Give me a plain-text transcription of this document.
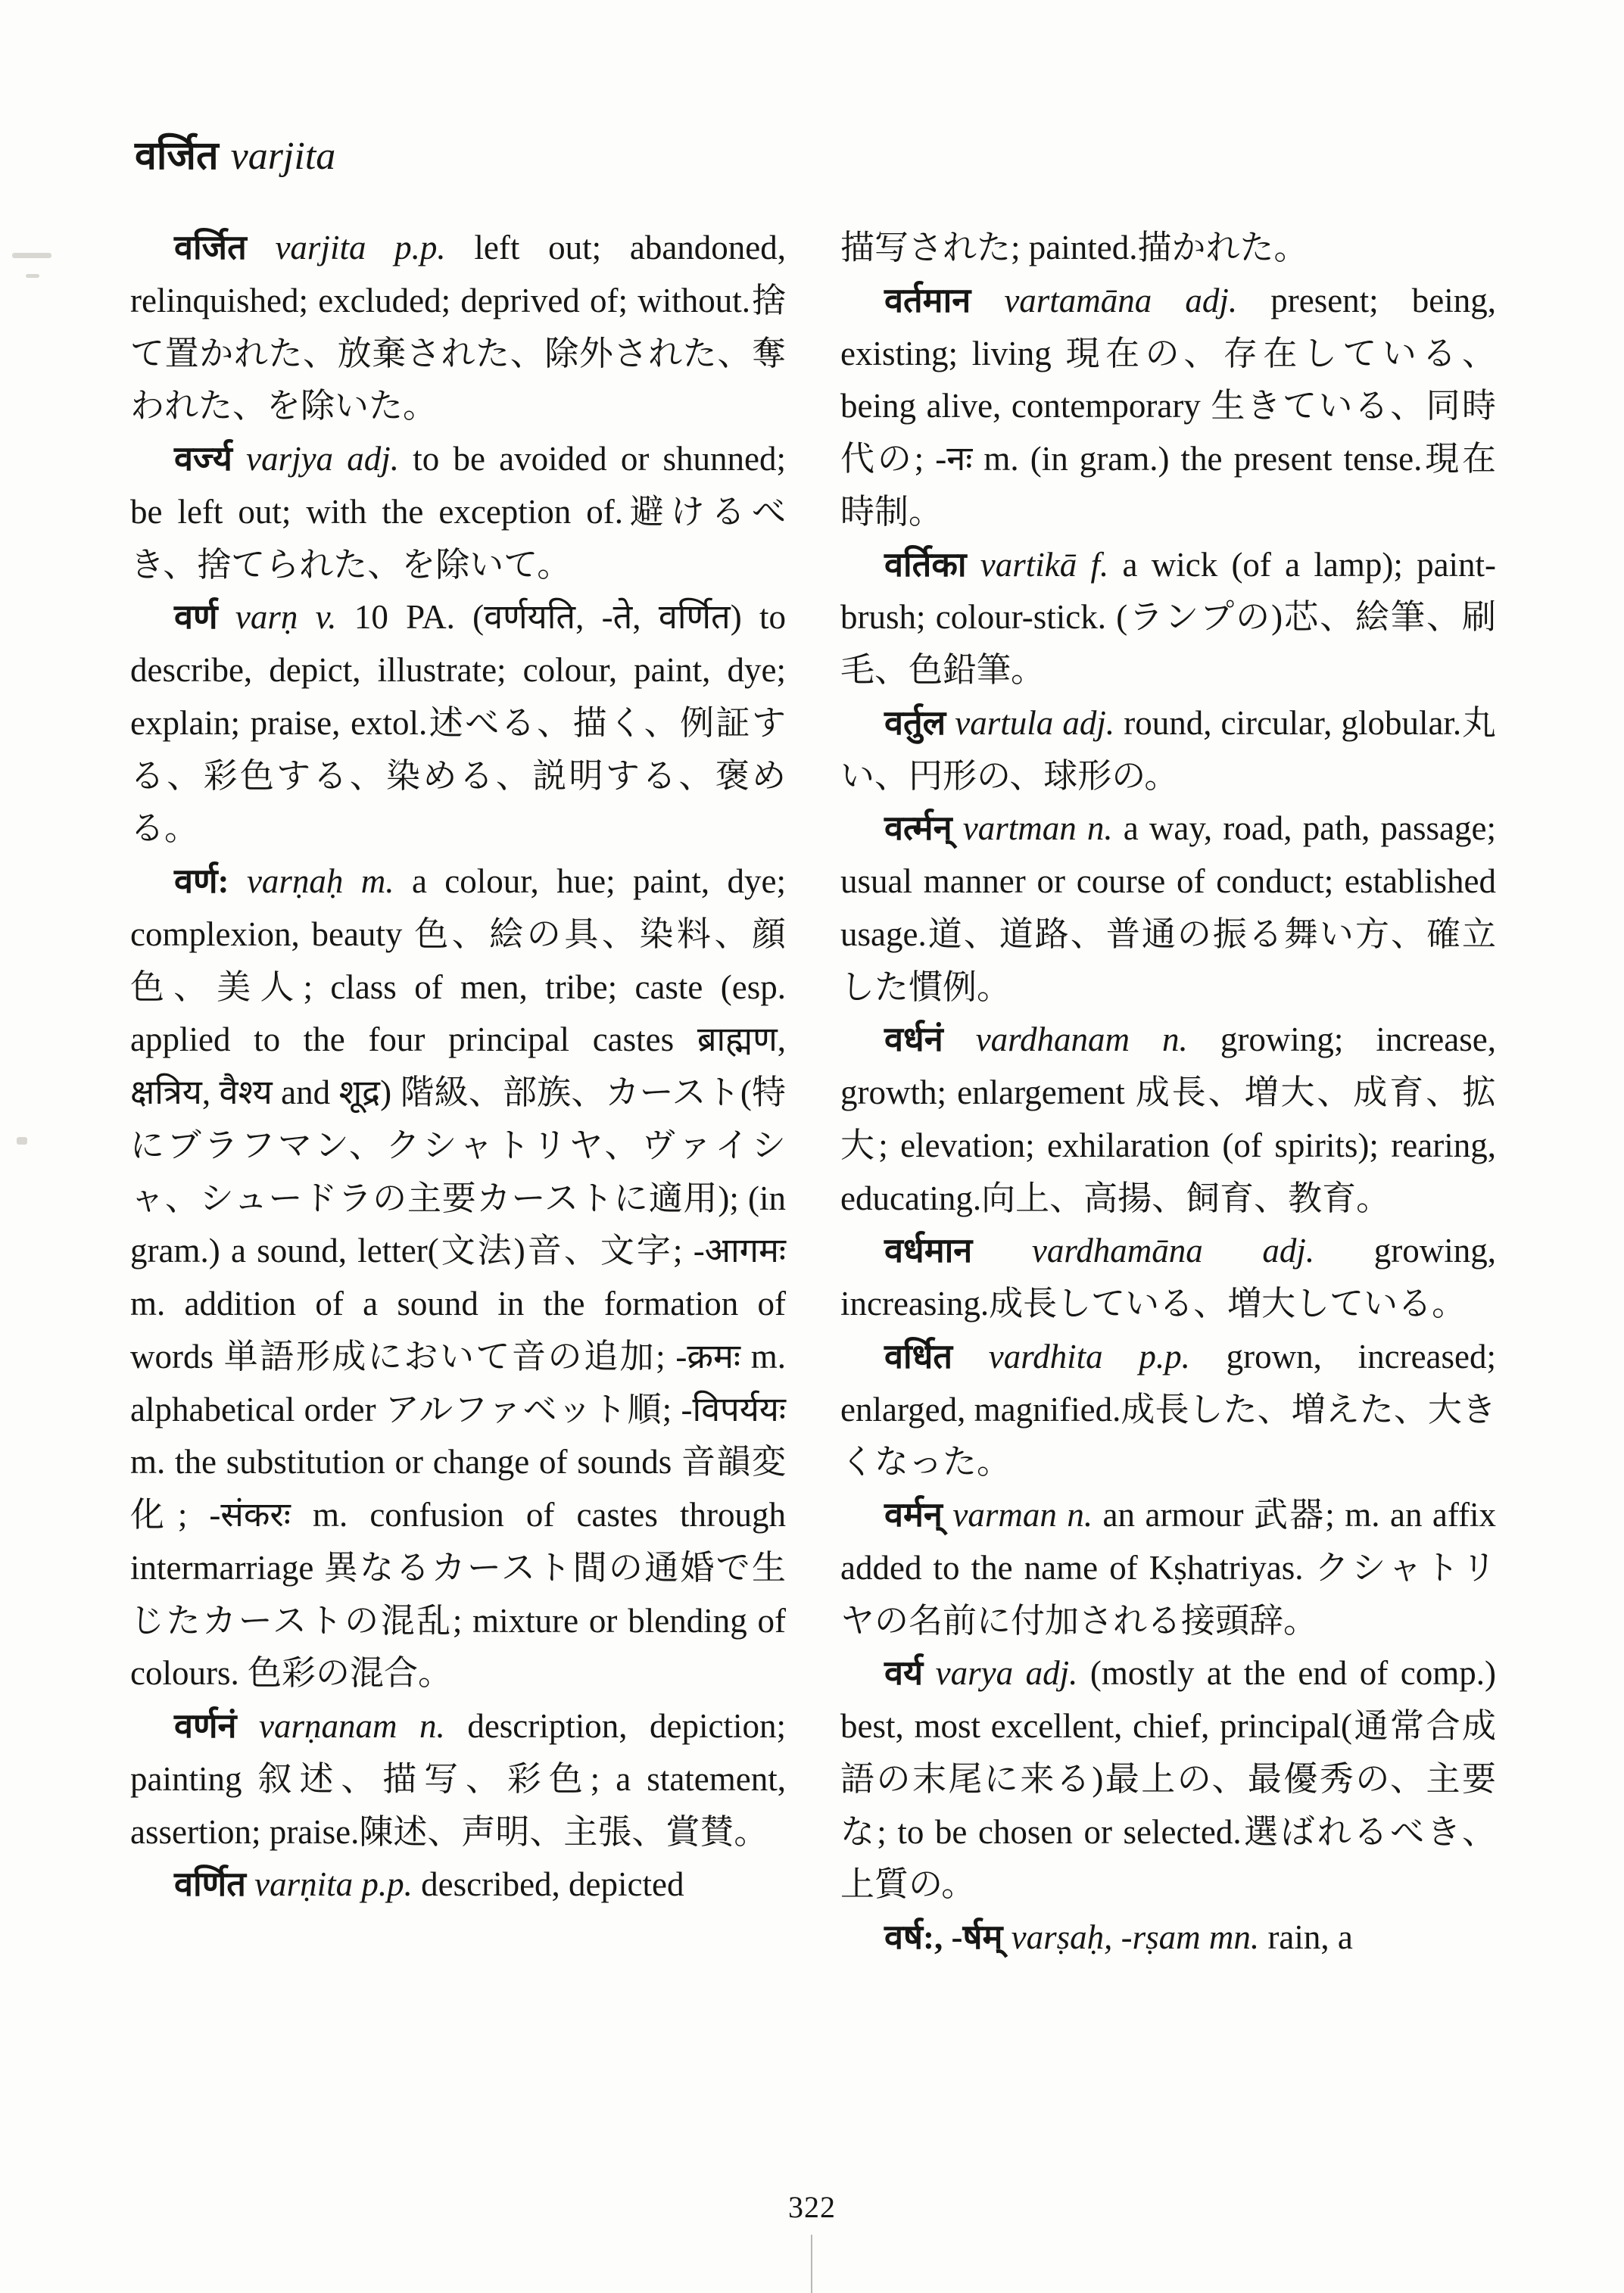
वर्जित varjita

वर्जित varjita p.p. left out; abandoned, relinquished; excluded; deprived of; without.捨て置かれた、放棄された、除外された、奪われた、を除いた。

वर्ज्य varjya adj. to be avoided or shunned; be left out; with the exception of.避けるべき、捨てられた、を除いて。

वर्ण varṇ v. 10 PA. (वर्णयति, -ते, वर्णित) to describe, depict, illustrate; colour, paint, dye; explain; praise, extol.述べる、描く、例証する、彩色する、染める、説明する、褒める。

वर्ण: varṇaḥ m. a colour, hue; paint, dye; complexion, beauty 色、絵の具、染料、顔色、美人; class of men, tribe; caste (esp. applied to the four principal castes ब्राह्मण, क्षत्रिय, वैश्य and शूद्र) 階級、部族、カースト(特にブラフマン、クシャトリヤ、ヴァイシャ、シュードラの主要カーストに適用); (in gram.) a sound, letter(文法)音、文字; -आगमः m. addition of a sound in the formation of words 単語形成において音の追加; -क्रमः m. alphabetical order アルファベット順; -विपर्ययः m. the substitution or change of sounds 音韻変化; -संकरः m. confusion of castes through intermarriage 異なるカースト間の通婚で生じたカーストの混乱; mixture or blending of colours. 色彩の混合。

वर्णनं varṇanam n. description, depiction; painting 叙述、描写、彩色; a statement, assertion; praise.陳述、声明、主張、賞賛。

वर्णित varṇita p.p. described, depicted

描写された; painted.描かれた。

वर्तमान vartamāna adj. present; being, existing; living 現在の、存在している、being alive, contemporary 生きている、同時代の; -नः m. (in gram.) the present tense.現在時制。

वर्तिका vartikā f. a wick (of a lamp); paint-brush; colour-stick. (ランプの)芯、絵筆、刷毛、色鉛筆。

वर्तुल vartula adj. round, circular, globular.丸い、円形の、球形の。

वर्त्मन् vartman n. a way, road, path, passage; usual manner or course of conduct; established usage.道、道路、普通の振る舞い方、確立した慣例。

वर्धनं vardhanam n. growing; increase, growth; enlargement 成長、増大、成育、拡大; elevation; exhilaration (of spirits); rearing, educating.向上、高揚、飼育、教育。

वर्धमान vardhamāna adj. growing, increasing.成長している、増大している。

वर्धित vardhita p.p. grown, increased; enlarged, magnified.成長した、増えた、大きくなった。

वर्मन् varman n. an armour 武器; m. an affix added to the name of Kṣhatriyas. クシャトリヤの名前に付加される接頭辞。

वर्य varya adj. (mostly at the end of comp.) best, most excellent, chief, principal(通常合成語の末尾に来る)最上の、最優秀の、主要な; to be chosen or selected.選ばれるべき、上質の。

वर्ष:, -र्षम् varṣaḥ, -rṣam mn. rain, a

322
